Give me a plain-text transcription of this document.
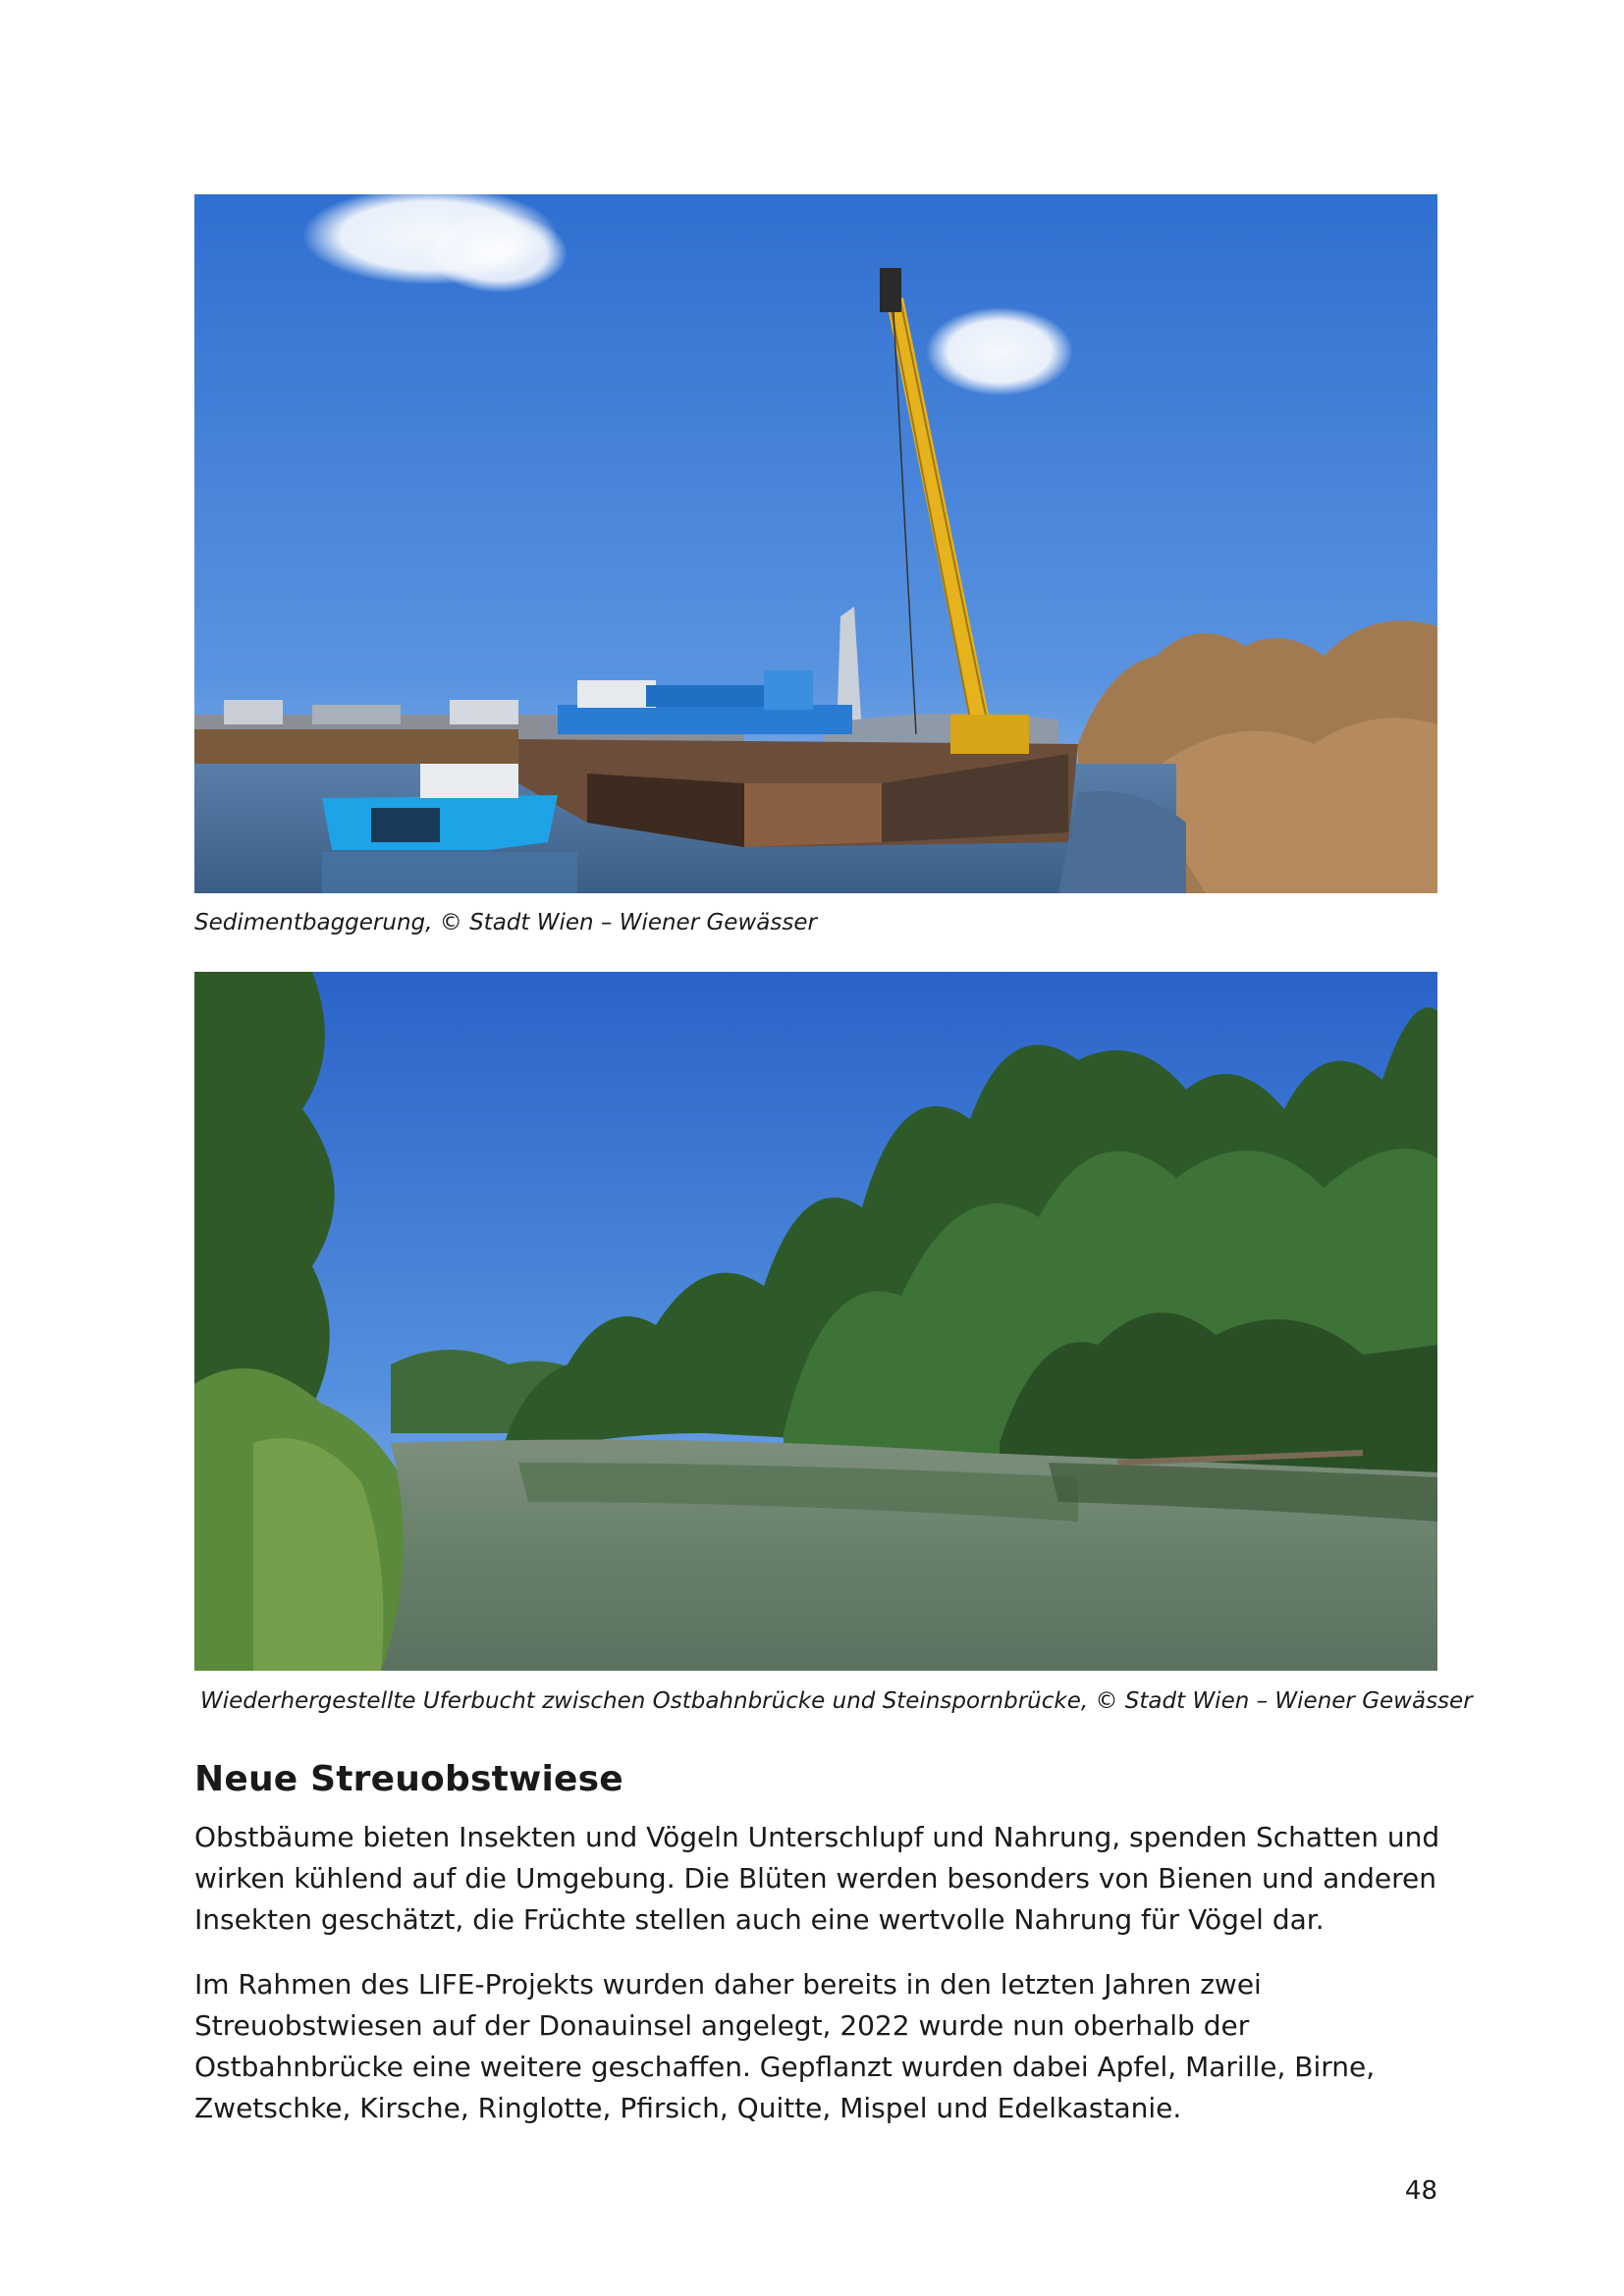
Sedimentbaggerung, © Stadt Wien – Wiener Gewässer
Wiederhergestellte Uferbucht zwischen Ostbahnbrücke und Steinspornbrücke, © Stadt Wien – Wiener Gewässer
Neue Streuobstwiese

Obstbäume bieten Insekten und Vögeln Unterschlupf und Nahrung, spenden Schatten und wirken kühlend auf die Umgebung. Die Blüten werden besonders von Bienen und anderen Insekten geschätzt, die Früchte stellen auch eine wertvolle Nahrung für Vögel dar.

Im Rahmen des LIFE-Projekts wurden daher bereits in den letzten Jahren zwei Streuobstwiesen auf der Donauinsel angelegt, 2022 wurde nun oberhalb der Ostbahnbrücke eine weitere geschaffen. Gepflanzt wurden dabei Apfel, Marille, Birne, Zwetschke, Kirsche, Ringlotte, Pfirsich, Quitte, Mispel und Edelkastanie.

48
